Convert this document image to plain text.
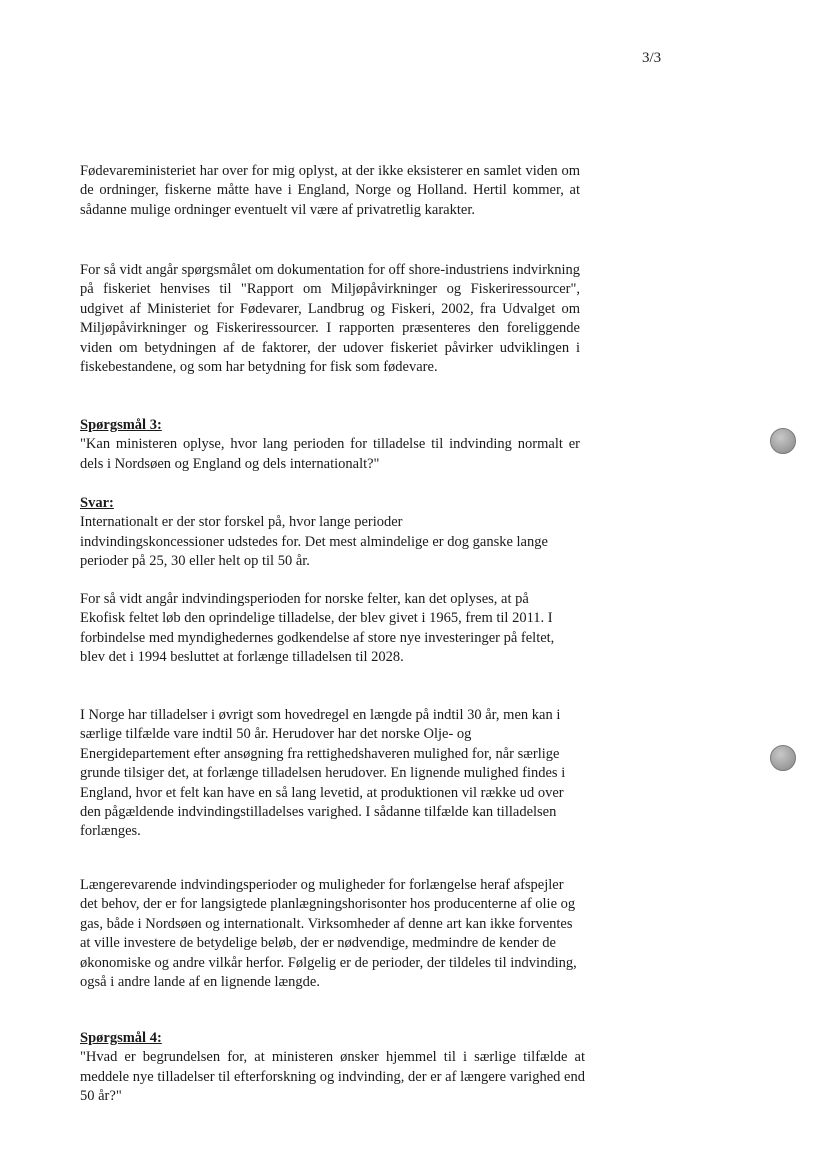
3/3
Fødevareministeriet har over for mig oplyst, at der ikke eksisterer en samlet viden om de ordninger, fiskerne måtte have i England, Norge og Holland. Hertil kommer, at sådanne mulige ordninger eventuelt vil være af privatretlig karakter.
For så vidt angår spørgsmålet om dokumentation for off shore-industriens indvirkning på fiskeriet henvises til "Rapport om Miljøpåvirkninger og Fiskeriressourcer", udgivet af Ministeriet for Fødevarer, Landbrug og Fiskeri, 2002, fra Udvalget om Miljøpåvirkninger og Fiskeriressourcer. I rapporten præsenteres den foreliggende viden om betydningen af de faktorer, der udover fiskeriet påvirker udviklingen i fiskebestandene, og som har betydning for fisk som fødevare.
Spørgsmål 3:
"Kan ministeren oplyse, hvor lang perioden for tilladelse til indvinding normalt er dels i Nordsøen og England og dels internationalt?"
Svar:
Internationalt er der stor forskel på, hvor lange perioder indvindingskoncessioner udstedes for. Det mest almindelige er dog ganske lange perioder på 25, 30 eller helt op til 50 år.
For så vidt angår indvindingsperioden for norske felter, kan det oplyses, at på Ekofisk feltet løb den oprindelige tilladelse, der blev givet i 1965, frem til 2011. I forbindelse med myndighedernes godkendelse af store nye investeringer på feltet, blev det i 1994 besluttet at forlænge tilladelsen til 2028.
I Norge har tilladelser i øvrigt som hovedregel en længde på indtil 30 år, men kan i særlige tilfælde vare indtil 50 år. Herudover har det norske Olje- og Energidepartement efter ansøgning fra rettighedshaveren mulighed for, når særlige grunde tilsiger det, at forlænge tilladelsen herudover. En lignende mulighed findes i England, hvor et felt kan have en så lang levetid, at produktionen vil række ud over den pågældende indvindingstilladelses varighed. I sådanne tilfælde kan tilladelsen forlænges.
Længerevarende indvindingsperioder og muligheder for forlængelse heraf afspejler det behov, der er for langsigtede planlægningshorisonter hos producenterne af olie og gas, både i Nordsøen og internationalt. Virksomheder af denne art kan ikke forventes at ville investere de betydelige beløb, der er nødvendige, medmindre de kender de økonomiske og andre vilkår herfor. Følgelig er de perioder, der tildeles til indvinding, også i andre lande af en lignende længde.
Spørgsmål 4:
"Hvad er begrundelsen for, at ministeren ønsker hjemmel til i særlige tilfælde at meddele nye tilladelser til efterforskning og indvinding, der er af længere varighed end 50 år?"
